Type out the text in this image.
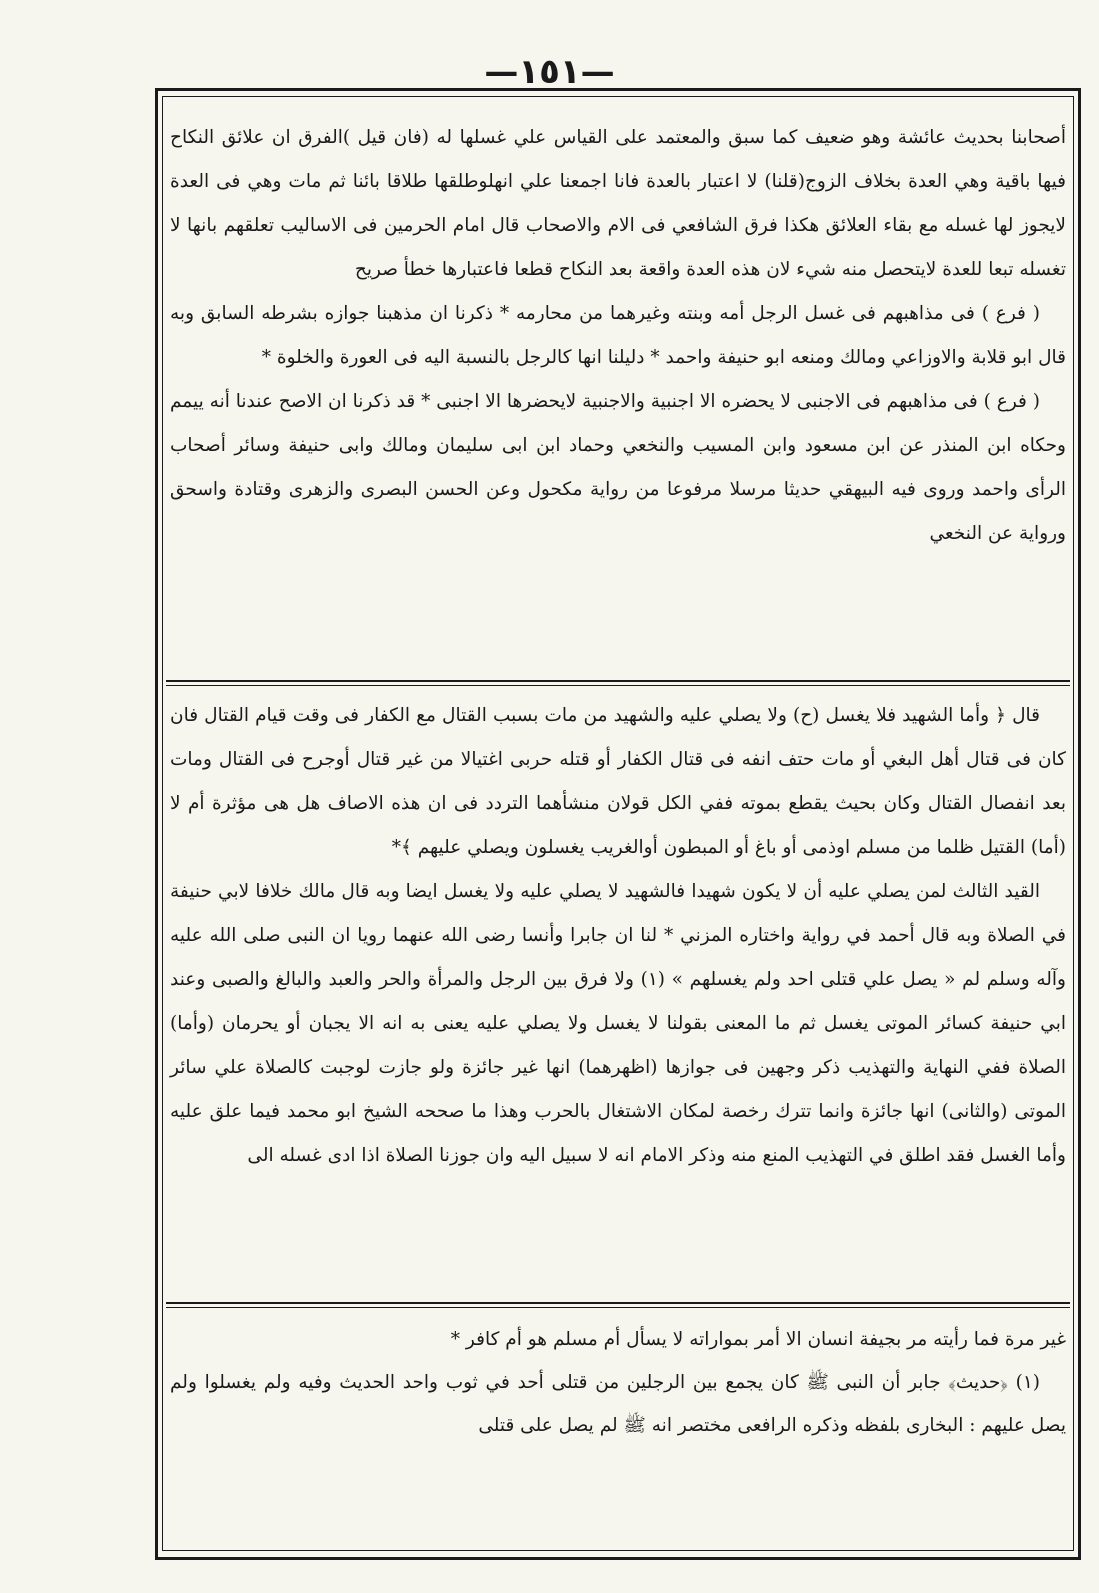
—١٥١—

أصحابنا بحديث عائشة وهو ضعيف كما سبق والمعتمد على القياس علي غسلها له (فان قيل )الفرق ان علائق النكاح فيها باقية وهي العدة بخلاف الزوج(قلنا) لا اعتبار بالعدة فانا اجمعنا علي انهلوطلقها طلاقا بائنا ثم مات وهي فى العدة لايجوز لها غسله مع بقاء العلائق هكذا فرق الشافعي فى الام والاصحاب قال امام الحرمين فى الاساليب تعلقهم بانها لا تغسله تبعا للعدة لايتحصل منه شيء لان هذه العدة واقعة بعد النكاح قطعا فاعتبارها خطأ صريح

( فرع ) فى مذاهبهم فى غسل الرجل أمه وبنته وغيرهما من محارمه * ذكرنا ان مذهبنا جوازه بشرطه السابق وبه قال ابو قلابة والاوزاعي ومالك ومنعه ابو حنيفة واحمد * دليلنا انها كالرجل بالنسبة اليه فى العورة والخلوة *

( فرع ) فى مذاهبهم فى الاجنبى لا يحضره الا اجنبية والاجنبية لايحضرها الا اجنبى * قد ذكرنا ان الاصح عندنا أنه ييمم وحكاه ابن المنذر عن ابن مسعود وابن المسيب والنخعي وحماد ابن ابى سليمان ومالك وابى حنيفة وسائر أصحاب الرأى واحمد وروى فيه البيهقي حديثا مرسلا مرفوعا من رواية مكحول وعن الحسن البصرى والزهرى وقتادة واسحق ورواية عن النخعي

قال ﴿ وأما الشهيد فلا يغسل (ح) ولا يصلي عليه والشهيد من مات بسبب القتال مع الكفار فى وقت قيام القتال فان كان فى قتال أهل البغي أو مات حتف انفه فى قتال الكفار أو قتله حربى اغتيالا من غير قتال أوجرح فى القتال ومات بعد انفصال القتال وكان بحيث يقطع بموته ففي الكل قولان منشأهما التردد فى ان هذه الاصاف هل هى مؤثرة أم لا (أما) القتيل ظلما من مسلم اوذمى أو باغ أو المبطون أوالغريب يغسلون ويصلي عليهم ﴾*

القيد الثالث لمن يصلي عليه أن لا يكون شهيدا فالشهيد لا يصلي عليه ولا يغسل ايضا وبه قال مالك خلافا لابي حنيفة في الصلاة وبه قال أحمد في رواية واختاره المزني * لنا ان جابرا وأنسا رضى الله عنهما رويا ان النبى صلى الله عليه وآله وسلم لم « يصل علي قتلى احد ولم يغسلهم » (١) ولا فرق بين الرجل والمرأة والحر والعبد والبالغ والصبى وعند ابي حنيفة كسائر الموتى يغسل ثم ما المعنى بقولنا لا يغسل ولا يصلي عليه يعنى به انه الا يجبان أو يحرمان (وأما) الصلاة ففي النهاية والتهذيب ذكر وجهين فى جوازها (اظهرهما) انها غير جائزة ولو جازت لوجبت كالصلاة علي سائر الموتى (والثانى) انها جائزة وانما تترك رخصة لمكان الاشتغال بالحرب وهذا ما صححه الشيخ ابو محمد فيما علق عليه وأما الغسل فقد اطلق في التهذيب المنع منه وذكر الامام انه لا سبيل اليه وان جوزنا الصلاة اذا ادى غسله الى

غير مرة فما رأيته مر بجيفة انسان الا أمر بمواراته لا يسأل أم مسلم هو أم كافر *

(١) ﴿حديث﴾ جابر أن النبى ﷺ كان يجمع بين الرجلين من قتلى أحد في ثوب واحد الحديث وفيه ولم يغسلوا ولم يصل عليهم : البخارى بلفظه وذكره الرافعى مختصر انه ﷺ لم يصل على قتلى
